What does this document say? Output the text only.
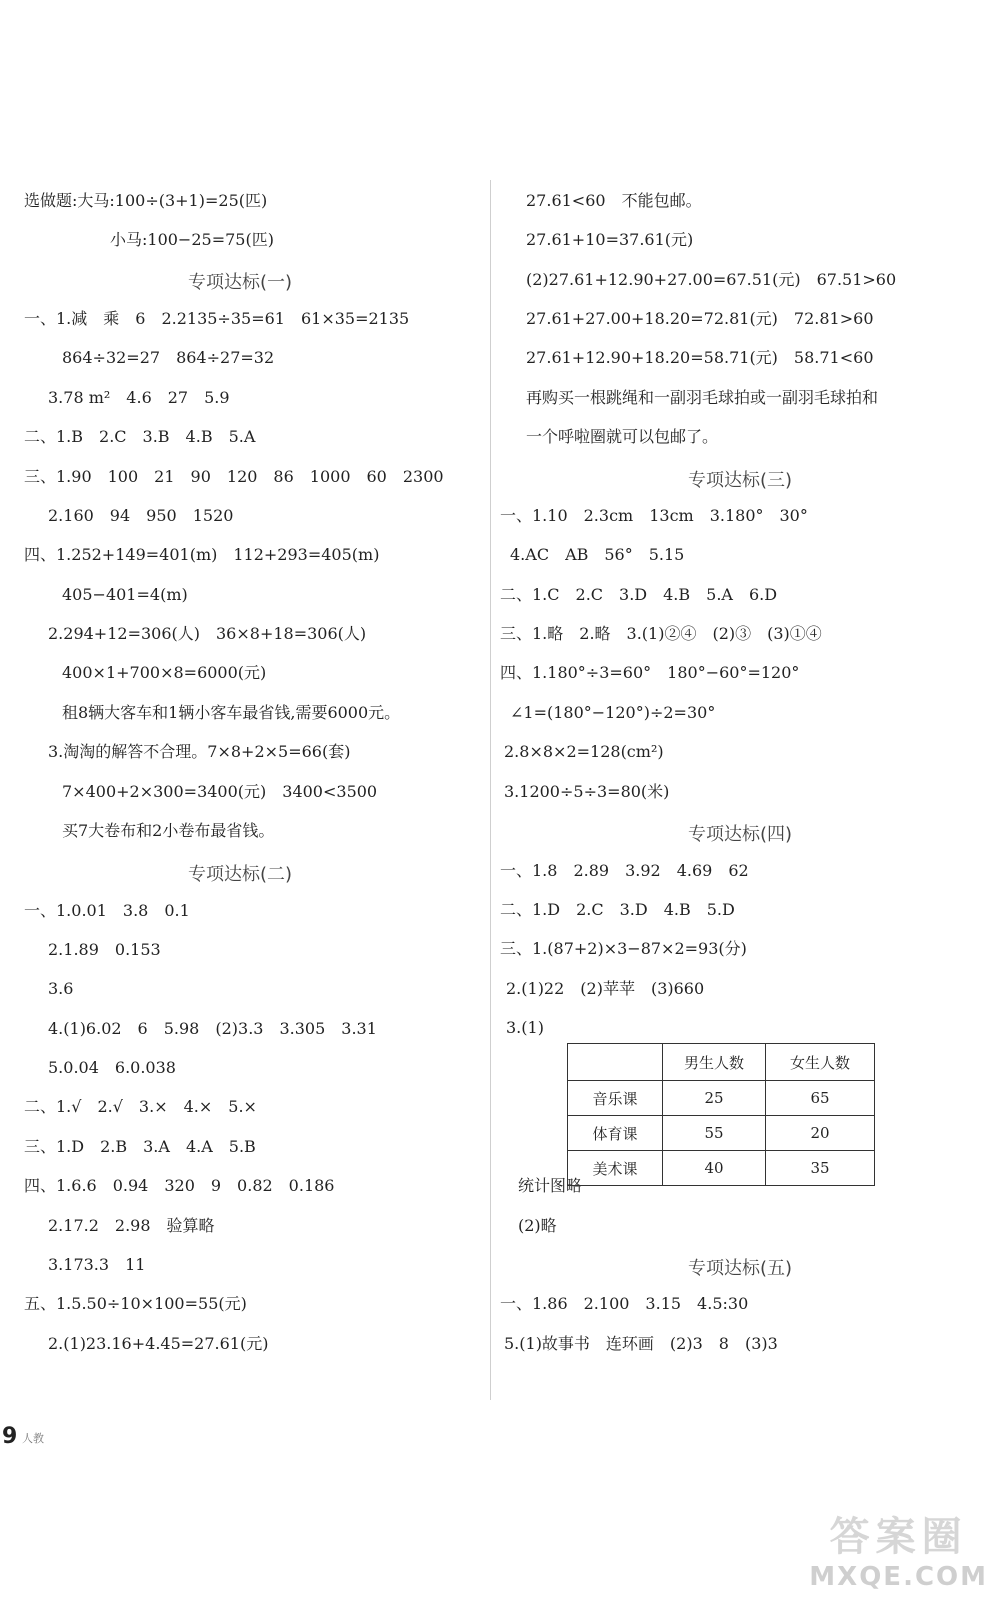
选做题:大马:100÷(3+1)=25(匹)
小马:100−25=75(匹)
专项达标(一)
一、1.减　乘　6　2.2135÷35=61　61×35=2135
864÷32=27　864÷27=32
3.78 m²　4.6　27　5.9
二、1.B　2.C　3.B　4.B　5.A
三、1.90　100　21　90　120　86　1000　60　2300
2.160　94　950　1520
四、1.252+149=401(m)　112+293=405(m)
405−401=4(m)
2.294+12=306(人)　36×8+18=306(人)
400×1+700×8=6000(元)
租8辆大客车和1辆小客车最省钱,需要6000元。
3.淘淘的解答不合理。7×8+2×5=66(套)
7×400+2×300=3400(元)　3400<3500
买7大卷布和2小卷布最省钱。
专项达标(二)
一、1.0.01　3.8　0.1
2.1.89　0.153
3.6
4.(1)6.02　6　5.98　(2)3.3　3.305　3.31
5.0.04　6.0.038
二、1.√　2.√　3.×　4.×　5.×
三、1.D　2.B　3.A　4.A　5.B
四、1.6.6　0.94　320　9　0.82　0.186
2.17.2　2.98　验算略
3.173.3　11
五、1.5.50÷10×100=55(元)
2.(1)23.16+4.45=27.61(元)
27.61<60　不能包邮。
27.61+10=37.61(元)
(2)27.61+12.90+27.00=67.51(元)　67.51>60
27.61+27.00+18.20=72.81(元)　72.81>60
27.61+12.90+18.20=58.71(元)　58.71<60
再购买一根跳绳和一副羽毛球拍或一副羽毛球拍和
一个呼啦圈就可以包邮了。
专项达标(三)
一、1.10　2.3cm　13cm　3.180°　30°
4.AC　AB　56°　5.15
二、1.C　2.C　3.D　4.B　5.A　6.D
三、1.略　2.略　3.(1)②④　(2)③　(3)①④
四、1.180°÷3=60°　180°−60°=120°
∠1=(180°−120°)÷2=30°
2.8×8×2=128(cm²)
3.1200÷5÷3=80(米)
专项达标(四)
一、1.8　2.89　3.92　4.69　62
二、1.D　2.C　3.D　4.B　5.D
三、1.(87+2)×3−87×2=93(分)
2.(1)22　(2)苹苹　(3)660
3.(1)
统计图略
(2)略
专项达标(五)
一、1.86　2.100　3.15　4.5:30
5.(1)故事书　连环画　(2)3　8　(3)3
	男生人数	女生人数
音乐课	25	65
体育课	55	20
美术课	40	35
9 人教
答案圈
MXQE.COM
